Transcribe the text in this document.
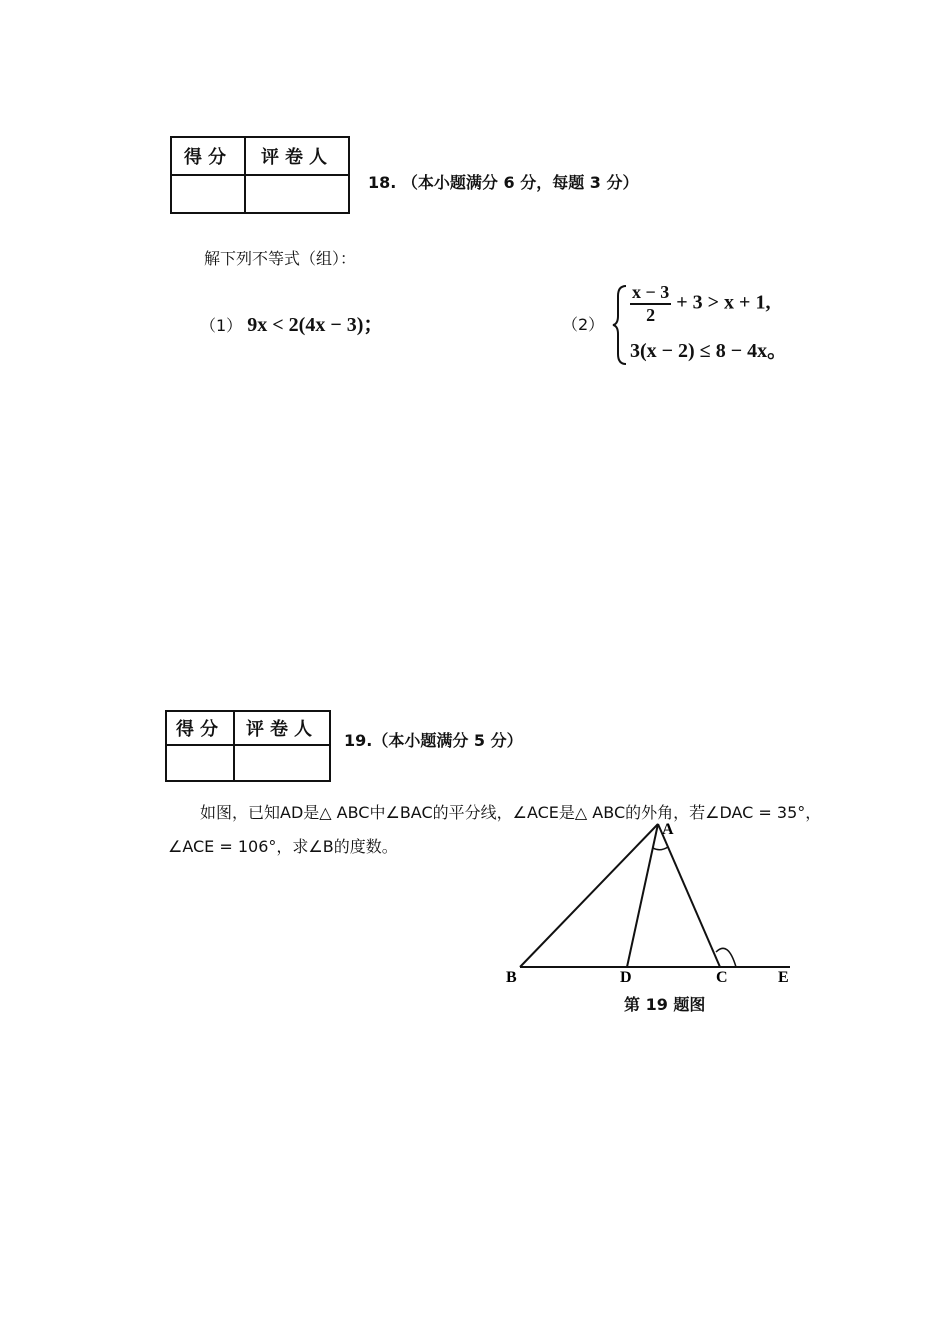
得分	评卷人

18. （本小题满分 6 分，每题 3 分）
解下列不等式（组）：
（1） 9x < 2(4x − 3)；	$(2) \frac{x - 3}{2} + 3 > x + 1$,
3(x − 2) ≤ 8 − 4x。
得分	评卷人

19.（本小题满分 5 分）
如图，已知AD是△ ABC中∠BAC的平分线，∠ACE是△ ABC的外角，若∠DAC = 35°，
∠ACE = 106°，求∠B的度数。
A
B	D	C	E
第 19 题图
